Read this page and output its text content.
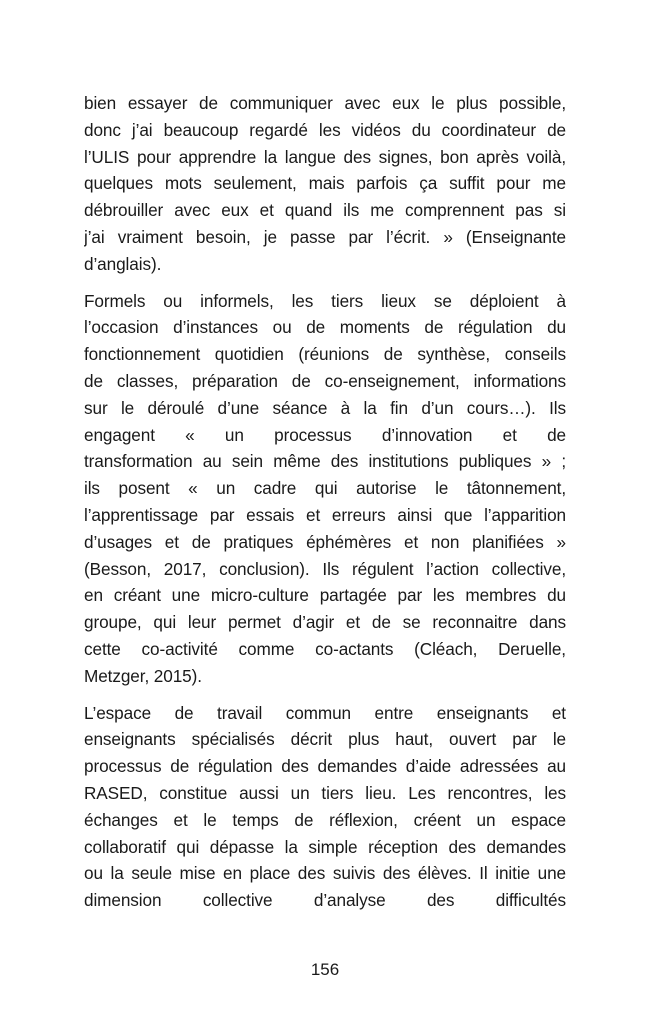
bien essayer de communiquer avec eux le plus possible,
donc j’ai beaucoup regardé les vidéos du coordinateur de
l’ULIS pour apprendre la langue des signes, bon après voilà,
quelques mots seulement, mais parfois ça suffit pour me
débrouiller avec eux et quand ils me comprennent pas si
j’ai vraiment besoin, je passe par l’écrit. » (Enseignante
d’anglais).
Formels ou informels, les tiers lieux se déploient à
l’occasion d’instances ou de moments de régulation du
fonctionnement quotidien (réunions de synthèse, conseils
de classes, préparation de co-enseignement, informations
sur le déroulé d’une séance à la fin d’un cours…). Ils
engagent « un processus d’innovation et de
transformation au sein même des institutions publiques » ;
ils posent « un cadre qui autorise le tâtonnement,
l’apprentissage par essais et erreurs ainsi que l’apparition
d’usages et de pratiques éphémères et non planifiées »
(Besson, 2017, conclusion). Ils régulent l’action collective,
en créant une micro-culture partagée par les membres du
groupe, qui leur permet d’agir et de se reconnaitre dans
cette co-activité comme co-actants (Cléach, Deruelle,
Metzger, 2015).
L’espace de travail commun entre enseignants et
enseignants spécialisés décrit plus haut, ouvert par le
processus de régulation des demandes d’aide adressées au
RASED, constitue aussi un tiers lieu. Les rencontres, les
échanges et le temps de réflexion, créent un espace
collaboratif qui dépasse la simple réception des demandes
ou la seule mise en place des suivis des élèves. Il initie une
dimension collective d’analyse des difficultés
156
